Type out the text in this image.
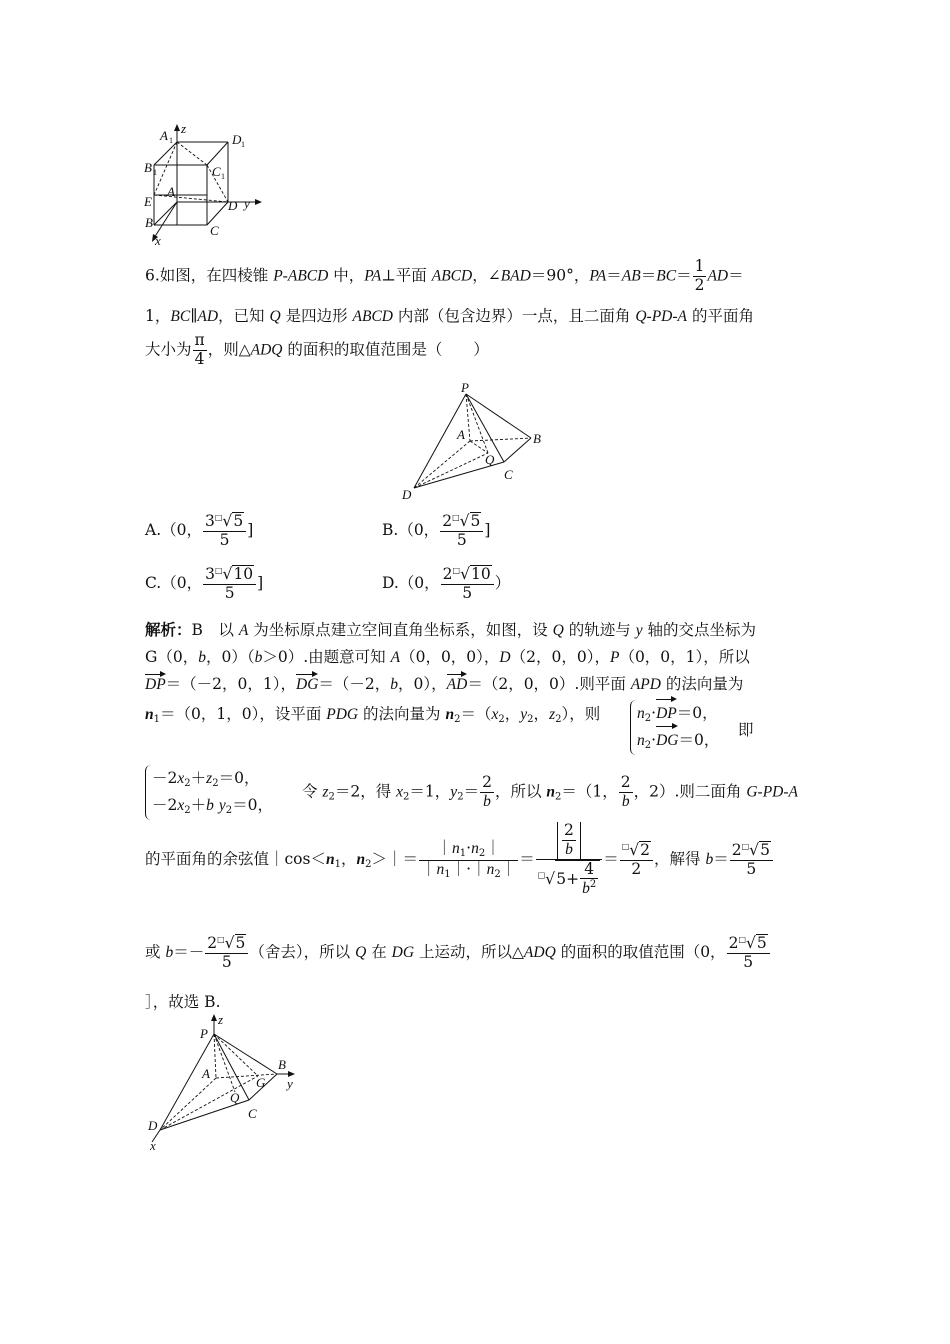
A 1
z
D 1
B 1	C 1
A
E	D y
B
C
x
6.如图，在四棱锥 P-ABCD 中，PA⊥平面 ABCD，∠BAD＝90°，$PA=AB=BC= \frac{1}{2} AD=$
1，BC∥AD，已知 Q 是四边形 ABCD 内部（包含边界）一点，且二面角 Q-PD-A 的平面角
大小为 $\frac{\pi}{4}$ ，则△ADQ 的面积的取值范围是（　　）
P
A	B
Q
C
D
A.（0， $\frac{3^□√5}{5}$ ]	B.（0， $\frac{2^□√5}{5}$ ]
C.（0， $\frac{3^□√10}{5}$ ]	D.（0， $\frac{2^□√10}{5}$ ）
解析：B　以 A 为坐标原点建立空间直角坐标系，如图，设 Q 的轨迹与 y 轴的交点坐标为
G（0，b，0）（b＞0）.由题意可知 A（0，0，0），D（2，0，0），P（0，0，1），所以
DP＝（－2，0，1），DG＝（－2，b，0），AD＝（2，0，0）.则平面 APD 的法向量为
$n_1=(0$，1，0），设平面 PDG 的法向量为 $n_2=(x_2$，$y_2$，$z_2$），则 $n_2\cdot DP=0$，
$n_2\cdot DG=0$，
即
$-2x_2+z_2=0$，
$-2x_2+b$ $y_2=0$，
令 $z_2=2$，得 $x_2=1$，$y_2= \frac{2}{b}$ ，所以 $n_2=(1$， $\frac{2}{b}$ ，2）.则二面角 G-PD-A
的平面角的余弦值$|\cos<n_1$，$n_2>|= \frac{|n_1\cdot n_2|}{|n_1|\cdot|n_2|} = \frac{\frac{2}{b}}{^□√5+ \frac{4}{b^2}} = \frac{^□√2}{2}$ ，解得 $b= \frac{2^□√5}{5}$
或 $b=- \frac{2^□√5}{5}$ （舍去），所以 Q 在 DG 上运动，所以△ADQ 的面积的取值范围（0， $\frac{2^□√5}{5}$
］，故选 B.
P
z
A
B
G y
Q
C
D
x
